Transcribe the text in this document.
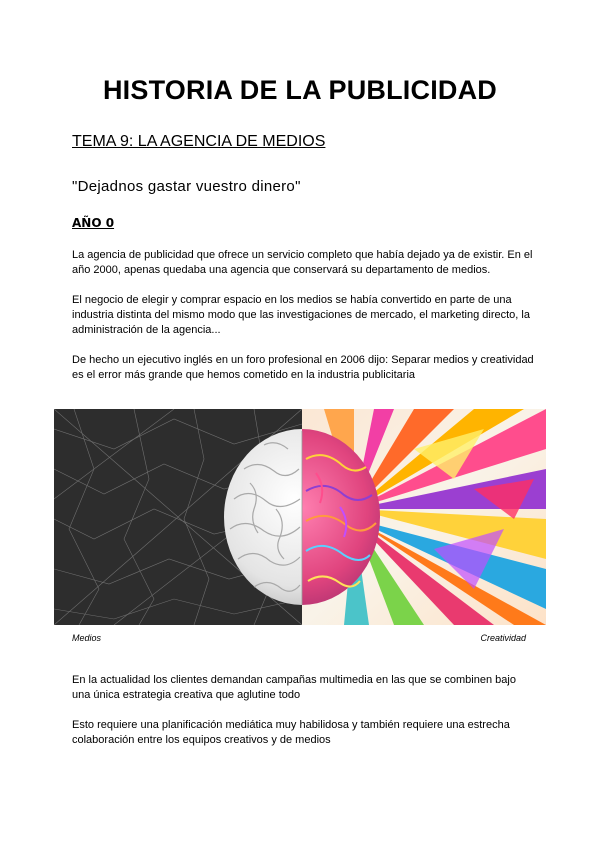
HISTORIA DE LA PUBLICIDAD
TEMA 9: LA AGENCIA DE MEDIOS
"Dejadnos gastar vuestro dinero"
AÑO 0

La agencia de publicidad que ofrece un servicio completo que había dejado ya de existir. En el año 2000, apenas quedaba una agencia que conservará su departamento de medios.

El negocio de elegir y comprar espacio en los medios se había convertido en parte de una industria distinta del mismo modo que las investigaciones de mercado, el marketing directo, la administración de la agencia...

De hecho un ejecutivo inglés en un foro profesional en 2006 dijo: Separar medios y creatividad es el error más grande que hemos cometido en la industria publicitaria

Medios	Creatividad

En la actualidad los clientes demandan campañas multimedia en las que se combinen bajo una única estrategia creativa que aglutine todo

Esto requiere una planificación mediática muy habilidosa y también requiere una estrecha colaboración entre los equipos creativos y de medios
